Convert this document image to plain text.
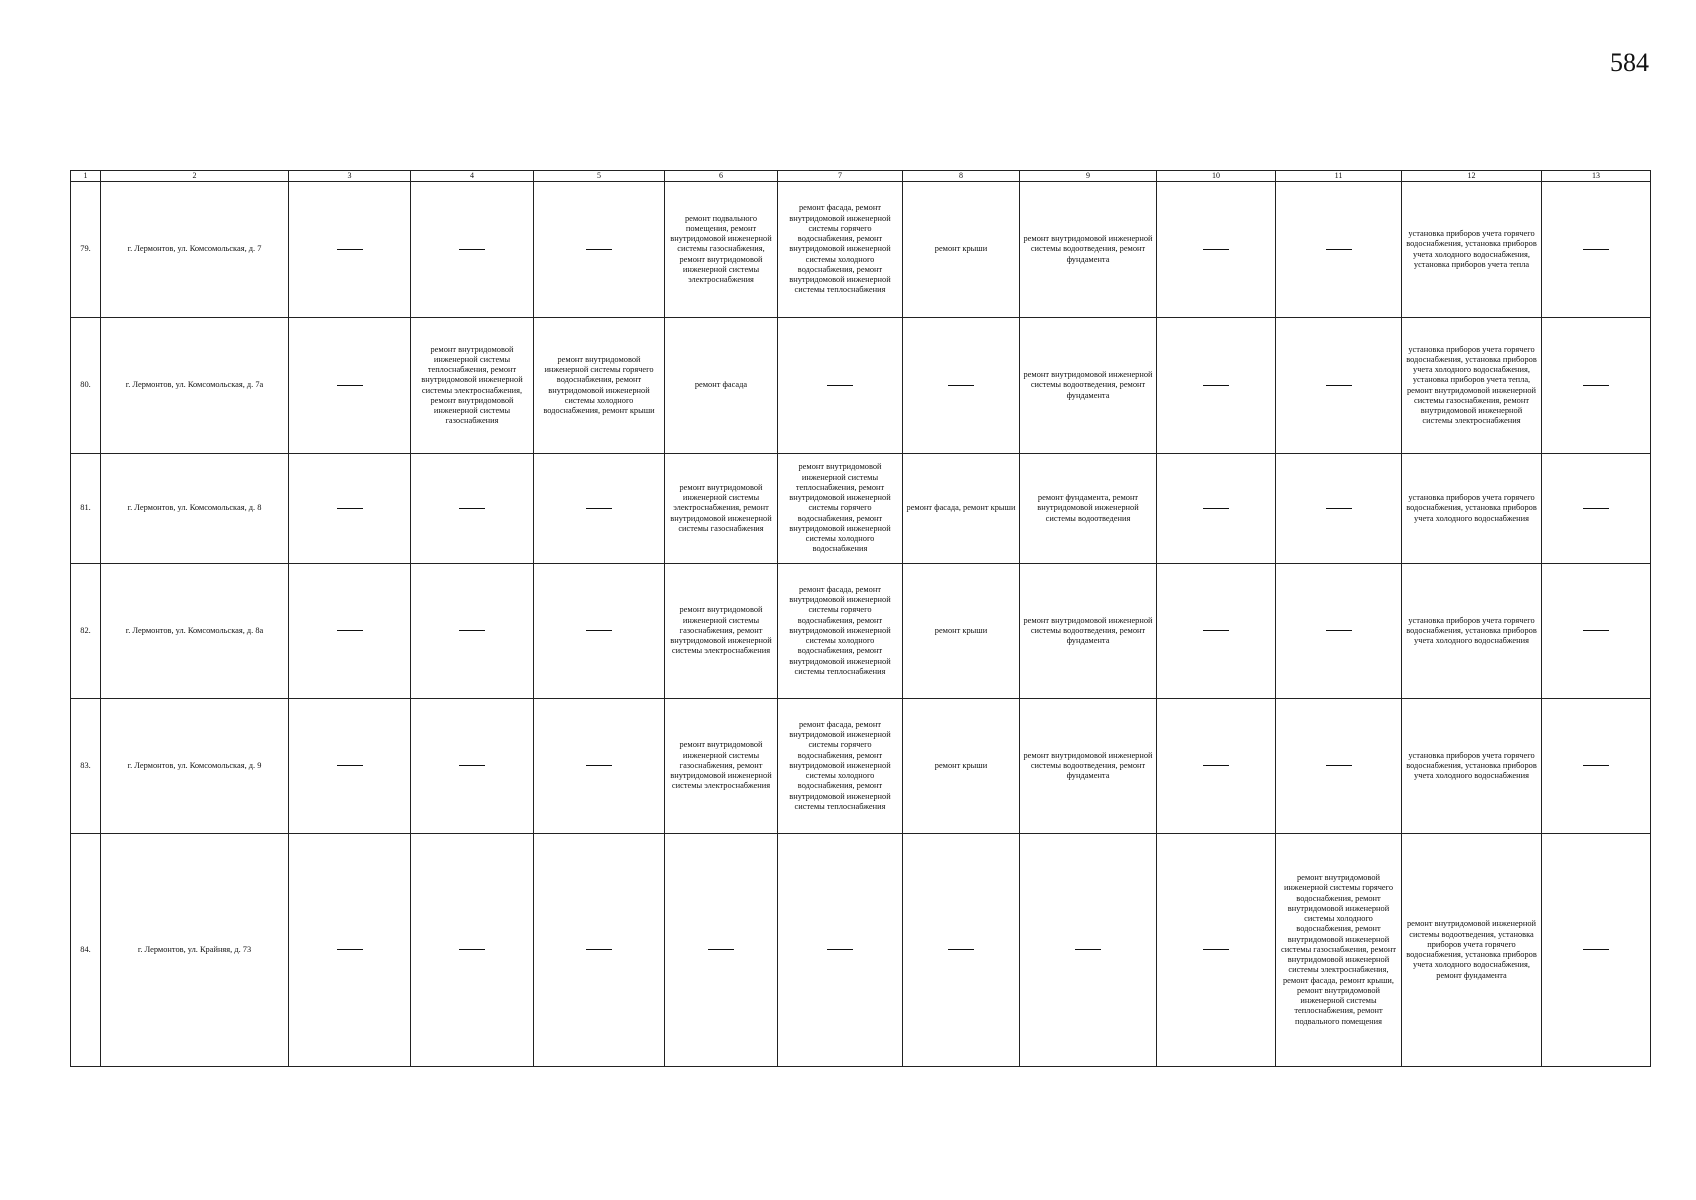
584
1	2	3	4	5	6	7	8	9	10	11	12	13
79.	г. Лермонтов, ул. Комсомольская, д. 7				ремонт подвального помещения, ремонт внутридомовой инженерной системы газоснабжения, ремонт внутридомовой инженерной системы электроснабжения	ремонт фасада, ремонт внутридомовой инженерной системы горячего водоснабжения, ремонт внутридомовой инженерной системы холодного водоснабжения, ремонт внутридомовой инженерной системы теплоснабжения	ремонт крыши	ремонт внутридомовой инженерной системы водоотведения, ремонт фундамента			установка приборов учета горячего водоснабжения, установка приборов учета холодного водоснабжения, установка приборов учета тепла	
80.	г. Лермонтов, ул. Комсомольская, д. 7а		ремонт внутридомовой инженерной системы теплоснабжения, ремонт внутридомовой инженерной системы электроснабжения, ремонт внутридомовой инженерной системы газоснабжения	ремонт внутридомовой инженерной системы горячего водоснабжения, ремонт внутридомовой инженерной системы холодного водоснабжения, ремонт крыши	ремонт фасада			ремонт внутридомовой инженерной системы водоотведения, ремонт фундамента			установка приборов учета горячего водоснабжения, установка приборов учета холодного водоснабжения, установка приборов учета тепла, ремонт внутридомовой инженерной системы газоснабжения, ремонт внутридомовой инженерной системы электроснабжения	
81.	г. Лермонтов, ул. Комсомольская, д. 8				ремонт внутридомовой инженерной системы электроснабжения, ремонт внутридомовой инженерной системы газоснабжения	ремонт внутридомовой инженерной системы теплоснабжения, ремонт внутридомовой инженерной системы горячего водоснабжения, ремонт внутридомовой инженерной системы холодного водоснабжения	ремонт фасада, ремонт крыши	ремонт фундамента, ремонт внутридомовой инженерной системы водоотведения			установка приборов учета горячего водоснабжения, установка приборов учета холодного водоснабжения	
82.	г. Лермонтов, ул. Комсомольская, д. 8а				ремонт внутридомовой инженерной системы газоснабжения, ремонт внутридомовой инженерной системы электроснабжения	ремонт фасада, ремонт внутридомовой инженерной системы горячего водоснабжения, ремонт внутридомовой инженерной системы холодного водоснабжения, ремонт внутридомовой инженерной системы теплоснабжения	ремонт крыши	ремонт внутридомовой инженерной системы водоотведения, ремонт фундамента			установка приборов учета горячего водоснабжения, установка приборов учета холодного водоснабжения	
83.	г. Лермонтов, ул. Комсомольская, д. 9				ремонт внутридомовой инженерной системы газоснабжения, ремонт внутридомовой инженерной системы электроснабжения	ремонт фасада, ремонт внутридомовой инженерной системы горячего водоснабжения, ремонт внутридомовой инженерной системы холодного водоснабжения, ремонт внутридомовой инженерной системы теплоснабжения	ремонт крыши	ремонт внутридомовой инженерной системы водоотведения, ремонт фундамента			установка приборов учета горячего водоснабжения, установка приборов учета холодного водоснабжения	
84.	г. Лермонтов, ул. Крайняя, д. 73									ремонт внутридомовой инженерной системы горячего водоснабжения, ремонт внутридомовой инженерной системы холодного водоснабжения, ремонт внутридомовой инженерной системы газоснабжения, ремонт внутридомовой инженерной системы электроснабжения, ремонт фасада, ремонт крыши, ремонт внутридомовой инженерной системы теплоснабжения, ремонт подвального помещения	ремонт внутридомовой инженерной системы водоотведения, установка приборов учета горячего водоснабжения, установка приборов учета холодного водоснабжения, ремонт фундамента	
